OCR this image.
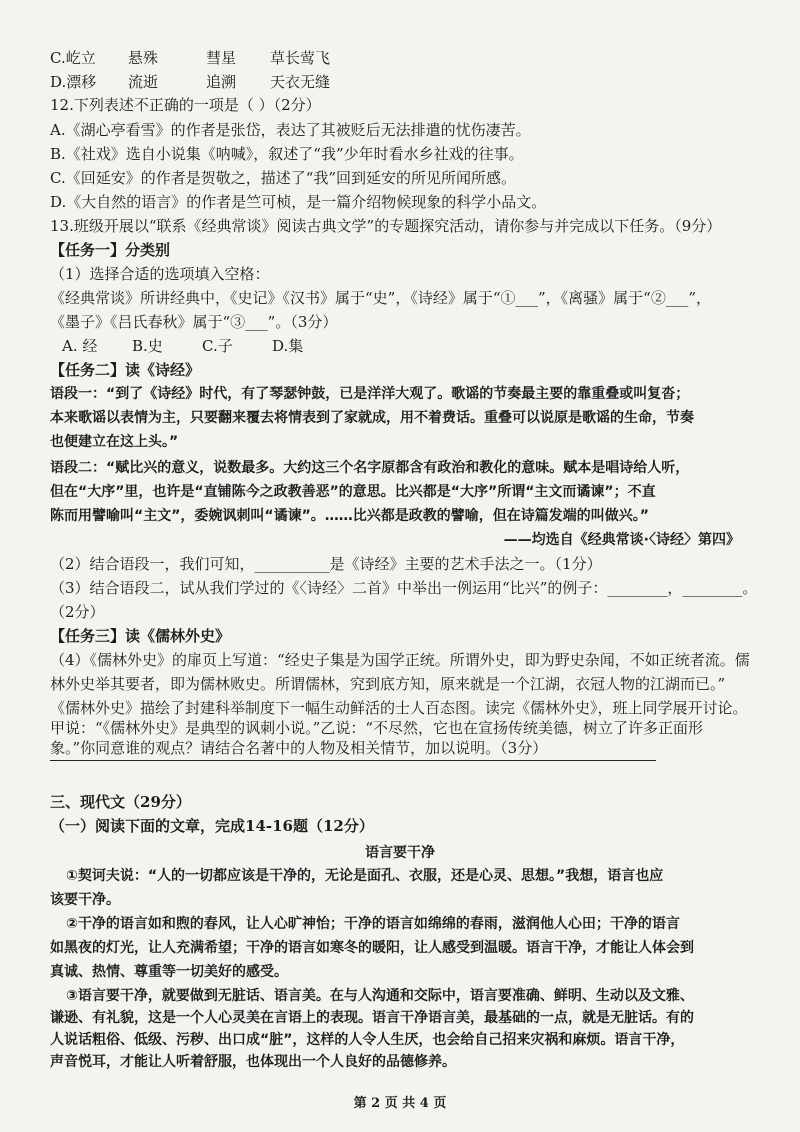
C.屹立 悬殊	彗星 草长莺飞
D.漂移 流逝	追溯 天衣无缝
12.下列表述不正确的一项是（ ）（2分）
A.《湖心亭看雪》的作者是张岱，表达了其被贬后无法排遣的忧伤凄苦。
B.《社戏》选自小说集《呐喊》，叙述了“我”少年时看水乡社戏的往事。
C.《回延安》的作者是贺敬之，描述了“我”回到延安的所见所闻所感。
D.《大自然的语言》的作者是竺可桢，是一篇介绍物候现象的科学小品文。
13.班级开展以“联系《经典常谈》阅读古典文学”的专题探究活动，请你参与并完成以下任务。（9分）
【任务一】分类别
（1）选择合适的选项填入空格：
《经典常谈》所讲经典中，《史记》《汉书》属于“史”，《诗经》属于“①___”，《离骚》属于“②___”，
《墨子》《吕氏春秋》属于“③___”。（3分）
A. 经 B.史	C.子	D.集
【任务二】读《诗经》
语段一：“到了《诗经》时代，有了琴瑟钟鼓，已是洋洋大观了。歌谣的节奏最主要的靠重叠或叫复沓；
本来歌谣以表情为主，只要翻来覆去将情表到了家就成，用不着费话。重叠可以说原是歌谣的生命，节奏
也便建立在这上头。”
语段二：“赋比兴的意义，说数最多。大约这三个名字原都含有政治和教化的意味。赋本是唱诗给人听，
但在“大序”里，也许是“直铺陈今之政教善恶”的意思。比兴都是“大序”所谓“主文而谲谏”；不直
陈而用譬喻叫“主文”，委婉讽刺叫“谲谏”。……比兴都是政教的譬喻，但在诗篇发端的叫做兴。”
——均选自《经典常谈·〈诗经〉第四》
（2）结合语段一，我们可知，__________是《诗经》主要的艺术手法之一。（1分）
（3）结合语段二，试从我们学过的《〈诗经〉二首》中举出一例运用“比兴”的例子：________，________。
（2分）
【任务三】读《儒林外史》
（4）《儒林外史》的扉页上写道：“经史子集是为国学正统。所谓外史，即为野史杂闻，不如正统者流。儒
林外史举其要者，即为儒林败史。所谓儒林，究到底方知，原来就是一个江湖，衣冠人物的江湖而已。”
《儒林外史》描绘了封建科举制度下一幅生动鲜活的士人百态图。读完《儒林外史》，班上同学展开讨论。
甲说：“《儒林外史》是典型的讽刺小说。”乙说：“不尽然，它也在宣扬传统美德，树立了许多正面形
象。”你同意谁的观点？请结合名著中的人物及相关情节，加以说明。（3分）
三、现代文（29分）
（一）阅读下面的文章，完成14-16题（12分）
语言要干净
①契诃夫说：“人的一切都应该是干净的，无论是面孔、衣服，还是心灵、思想。”我想，语言也应
该要干净。
②干净的语言如和煦的春风，让人心旷神怡；干净的语言如绵绵的春雨，滋润他人心田；干净的语言
如黑夜的灯光，让人充满希望；干净的语言如寒冬的暖阳，让人感受到温暖。语言干净，才能让人体会到
真诚、热情、尊重等一切美好的感受。
③语言要干净，就要做到无脏话、语言美。在与人沟通和交际中，语言要准确、鲜明、生动以及文雅、
谦逊、有礼貌，这是一个人心灵美在言语上的表现。语言干净语言美，最基础的一点，就是无脏话。有的
人说话粗俗、低级、污秽、出口成“脏”，这样的人令人生厌，也会给自己招来灾祸和麻烦。语言干净，
声音悦耳，才能让人听着舒服，也体现出一个人良好的品德修养。
第 2 页 共 4 页
